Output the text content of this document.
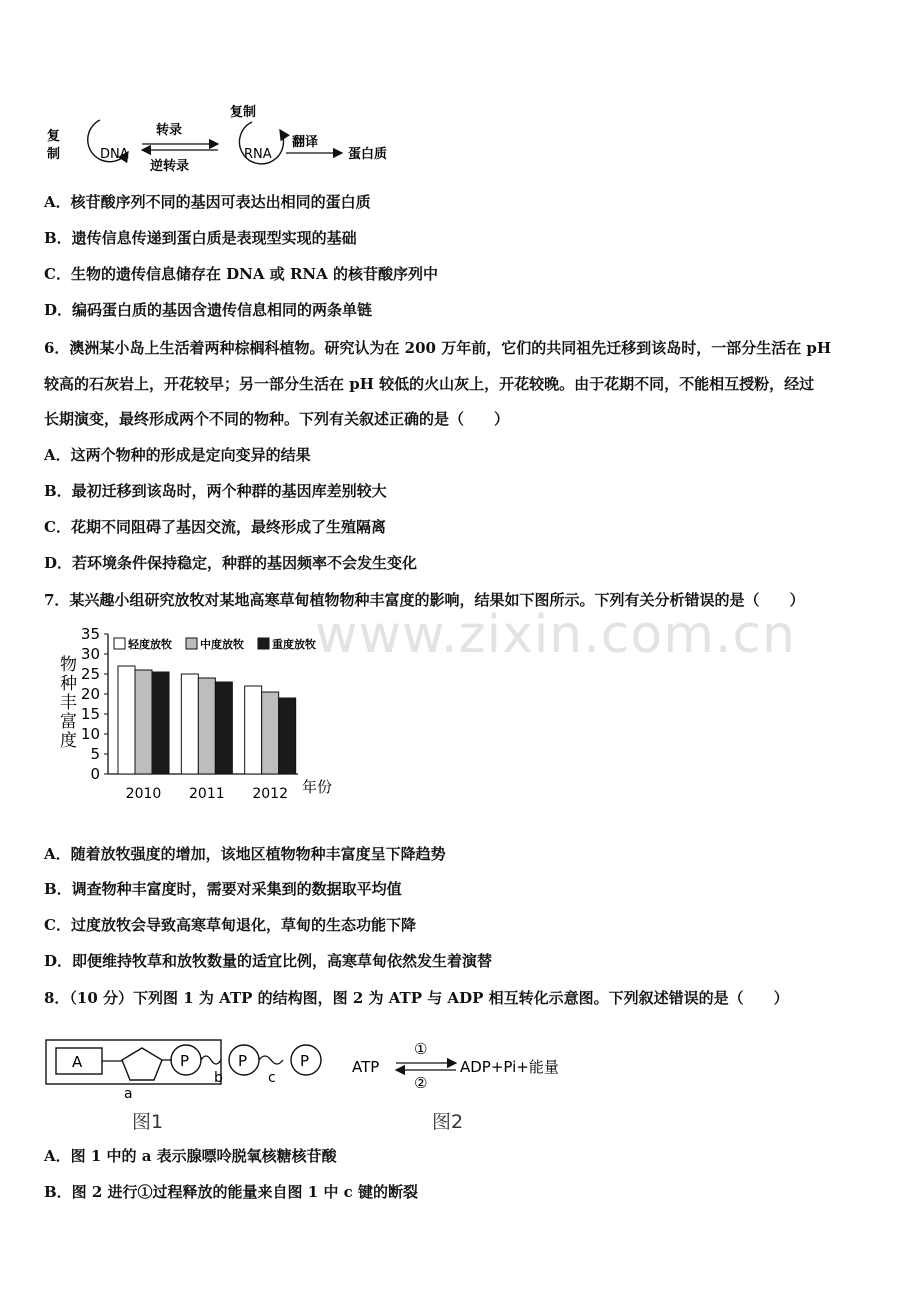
复
制	DNA
转录
逆转录
复制
RNA
翻译
蛋白质
A．核苷酸序列不同的基因可表达出相同的蛋白质
B．遗传信息传递到蛋白质是表现型实现的基础
C．生物的遗传信息储存在 DNA 或 RNA 的核苷酸序列中
D．编码蛋白质的基因含遗传信息相同的两条单链
6．澳洲某小岛上生活着两种棕榈科植物。研究认为在 200 万年前，它们的共同祖先迁移到该岛时，一部分生活在 pH
较高的石灰岩上，开花较早；另一部分生活在 pH 较低的火山灰上，开花较晚。由于花期不同，不能相互授粉，经过
长期演变，最终形成两个不同的物种。下列有关叙述正确的是（　　）
A．这两个物种的形成是定向变异的结果
B．最初迁移到该岛时，两个种群的基因库差别较大
C．花期不同阻碍了基因交流，最终形成了生殖隔离
D．若环境条件保持稳定，种群的基因频率不会发生变化
7．某兴趣小组研究放牧对某地高寒草甸植物物种丰富度的影响，结果如下图所示。下列有关分析错误的是（　　）
www.zixin.com.cn
物
种
丰
富
度
0
5
10
15
20
25
30
35
2010 2011 2012
轻度放牧	中度放牧	重度放牧
年份
A．随着放牧强度的增加，该地区植物物种丰富度呈下降趋势
B．调查物种丰富度时，需要对采集到的数据取平均值
C．过度放牧会导致高寒草甸退化，草甸的生态功能下降
D．即便维持牧草和放牧数量的适宜比例，高寒草甸依然发生着演替
8．（10 分）下列图 1 为 ATP 的结构图，图 2 为 ATP 与 ADP 相互转化示意图。下列叙述错误的是（　　）
A	P	P	P
b	c
a
图1
ATP
①
②
ADP+Pi+能量
图2
A．图 1 中的 a 表示腺嘌呤脱氧核糖核苷酸
B．图 2 进行①过程释放的能量来自图 1 中 c 键的断裂
